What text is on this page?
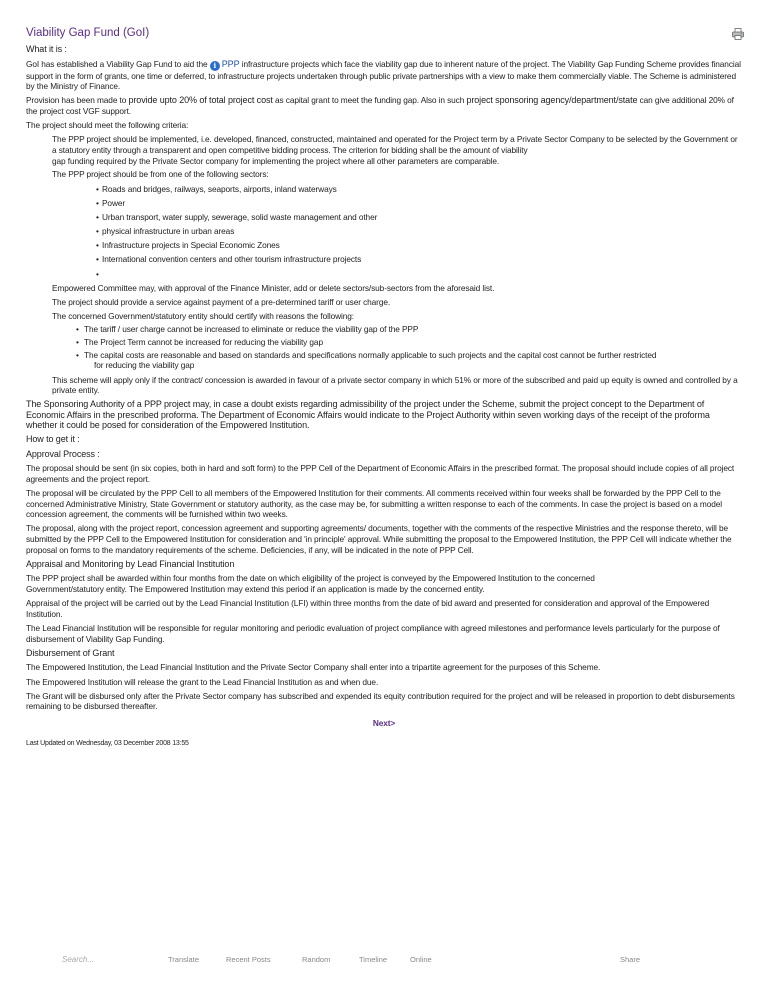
Viability Gap Fund (GoI)
What it is :

GoI has established a Viability Gap Fund to aid the i PPP infrastructure projects which face the viability gap due to inherent nature of the project. The Viability Gap Funding Scheme provides financial support in the form of grants, one time or deferred, to infrastructure projects undertaken through public private partnerships with a view to make them commercially viable. The Scheme is administered by the Ministry of Finance.

Provision has been made to provide upto 20% of total project cost as capital grant to meet the funding gap. Also in such project sponsoring agency/department/state can give additional 20% of the project cost VGF support.

The project should meet the following criteria:

The PPP project should be implemented, i.e. developed, financed, constructed, maintained and operated for the Project term by a Private Sector Company to be selected by the Government or a statutory entity through a transparent and open competitive bidding process. The criterion for bidding shall be the amount of viability
gap funding required by the Private Sector company for implementing the project where all other parameters are comparable.

The PPP project should be from one of the following sectors:

• Roads and bridges, railways, seaports, airports, inland waterways
• Power
• Urban transport, water supply, sewerage, solid waste management and other
• physical infrastructure in urban areas
• Infrastructure projects in Special Economic Zones
• International convention centers and other tourism infrastructure projects
•

Empowered Committee may, with approval of the Finance Minister, add or delete sectors/sub-sectors from the aforesaid list.

The project should provide a service against payment of a pre-determined tariff or user charge.

The concerned Government/statutory entity should certify with reasons the following:

• The tariff / user charge cannot be increased to eliminate or reduce the viability gap of the PPP
• The Project Term cannot be increased for reducing the viability gap
• The capital costs are reasonable and based on standards and specifications normally applicable to such projects and the capital cost cannot be further restricted
for reducing the viability gap

This scheme will apply only if the contract/ concession is awarded in favour of a private sector company in which 51% or more of the subscribed and paid up equity is owned and controlled by a private entity.

The Sponsoring Authority of a PPP project may, in case a doubt exists regarding admissibility of the project under the Scheme, submit the project concept to the Department of Economic Affairs in the prescribed proforma. The Department of Economic Affairs would indicate to the Project Authority within seven working days of the receipt of the proforma whether it could be posed for consideration of the Empowered Institution.

How to get it :
Approval Process :

The proposal should be sent (in six copies, both in hard and soft form) to the PPP Cell of the Department of Economic Affairs in the prescribed format. The proposal should include copies of all project agreements and the project report.

The proposal will be circulated by the PPP Cell to all members of the Empowered Institution for their comments. All comments received within four weeks shall be forwarded by the PPP Cell to the concerned Administrative Ministry, State Government or statutory authority, as the case may be, for submitting a written response to each of the comments. In case the project is based on a model concession agreement, the comments will be furnished within two weeks.

The proposal, along with the project report, concession agreement and supporting agreements/ documents, together with the comments of the respective Ministries and the response thereto, will be submitted by the PPP Cell to the Empowered Institution for consideration and 'in principle' approval. While submitting the proposal to the Empowered Institution, the PPP Cell will indicate whether the proposal on forms to the mandatory requirements of the scheme. Deficiencies, if any, will be indicated in the note of PPP Cell.

Appraisal and Monitoring by Lead Financial Institution

The PPP project shall be awarded within four months from the date on which eligibility of the project is conveyed by the Empowered Institution to the concerned
Government/statutory entity. The Empowered Institution may extend this period if an application is made by the concerned entity.

Appraisal of the project will be carried out by the Lead Financial Institution (LFI) within three months from the date of bid award and presented for consideration and approval of the Empowered Institution.

The Lead Financial Institution will be responsible for regular monitoring and periodic evaluation of project compliance with agreed milestones and performance levels particularly for the purpose of disbursement of Viability Gap Funding.

Disbursement of Grant

The Empowered Institution, the Lead Financial Institution and the Private Sector Company shall enter into a tripartite agreement for the purposes of this Scheme.

The Empowered Institution will release the grant to the Lead Financial Institution as and when due.

The Grant will be disbursed only after the Private Sector company has subscribed and expended its equity contribution required for the project and will be released in proportion to debt disbursements remaining to be disbursed thereafter.

Next>
Last Updated on Wednesday, 03 December 2008 13:55
Search...	Translate	Recent Posts	Random	Timeline	Online	Share
